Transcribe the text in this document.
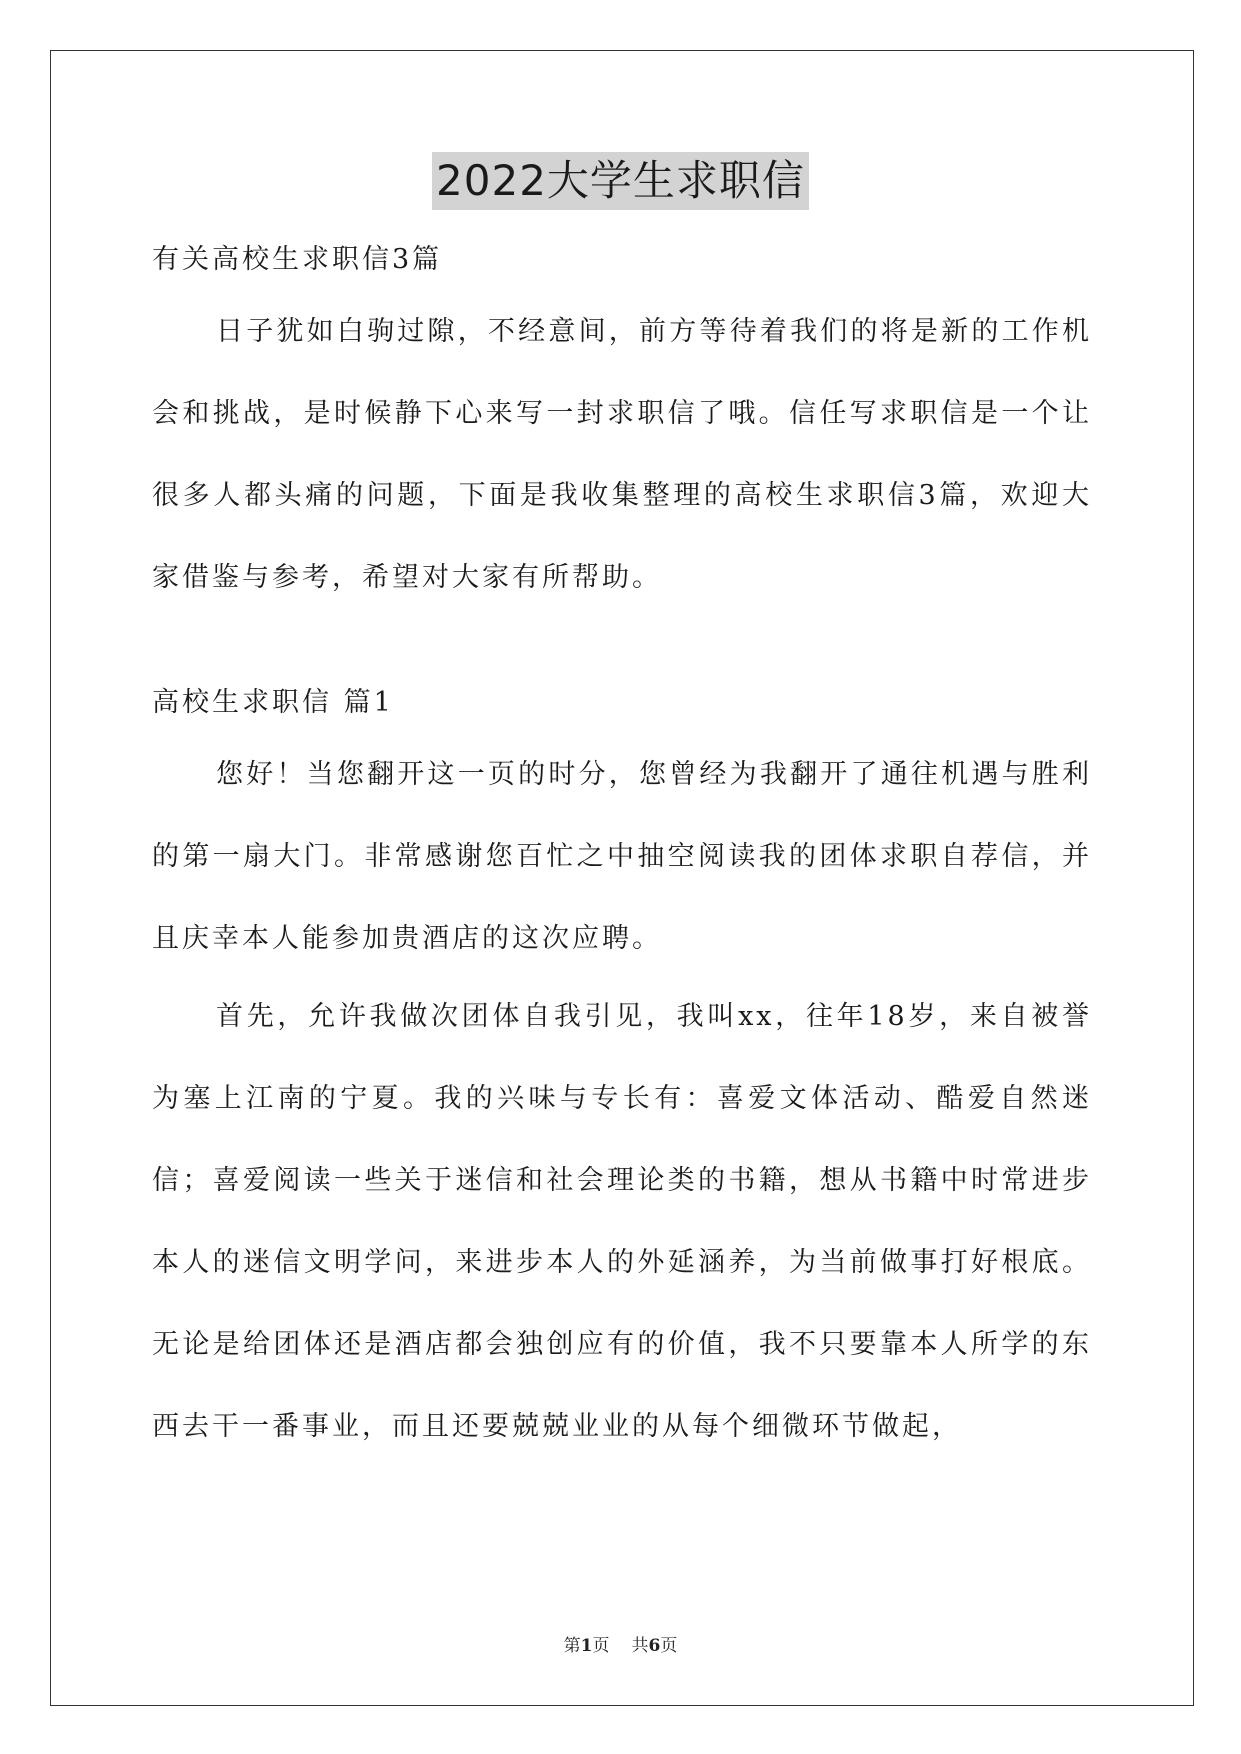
2022大学生求职信
有关高校生求职信3篇

日子犹如白驹过隙，不经意间，前方等待着我们的将是新的工作机会和挑战，是时候静下心来写一封求职信了哦。信任写求职信是一个让很多人都头痛的问题，下面是我收集整理的高校生求职信3篇，欢迎大家借鉴与参考，希望对大家有所帮助。

高校生求职信 篇1

您好！当您翻开这一页的时分，您曾经为我翻开了通往机遇与胜利的第一扇大门。非常感谢您百忙之中抽空阅读我的团体求职自荐信，并且庆幸本人能参加贵酒店的这次应聘。

首先，允许我做次团体自我引见，我叫xx，往年18岁，来自被誉为塞上江南的宁夏。我的兴味与专长有：喜爱文体活动、酷爱自然迷信；喜爱阅读一些关于迷信和社会理论类的书籍，想从书籍中时常进步本人的迷信文明学问，来进步本人的外延涵养，为当前做事打好根底。无论是给团体还是酒店都会独创应有的价值，我不只要靠本人所学的东西去干一番事业，而且还要兢兢业业的从每个细微环节做起，

第1页 共6页
